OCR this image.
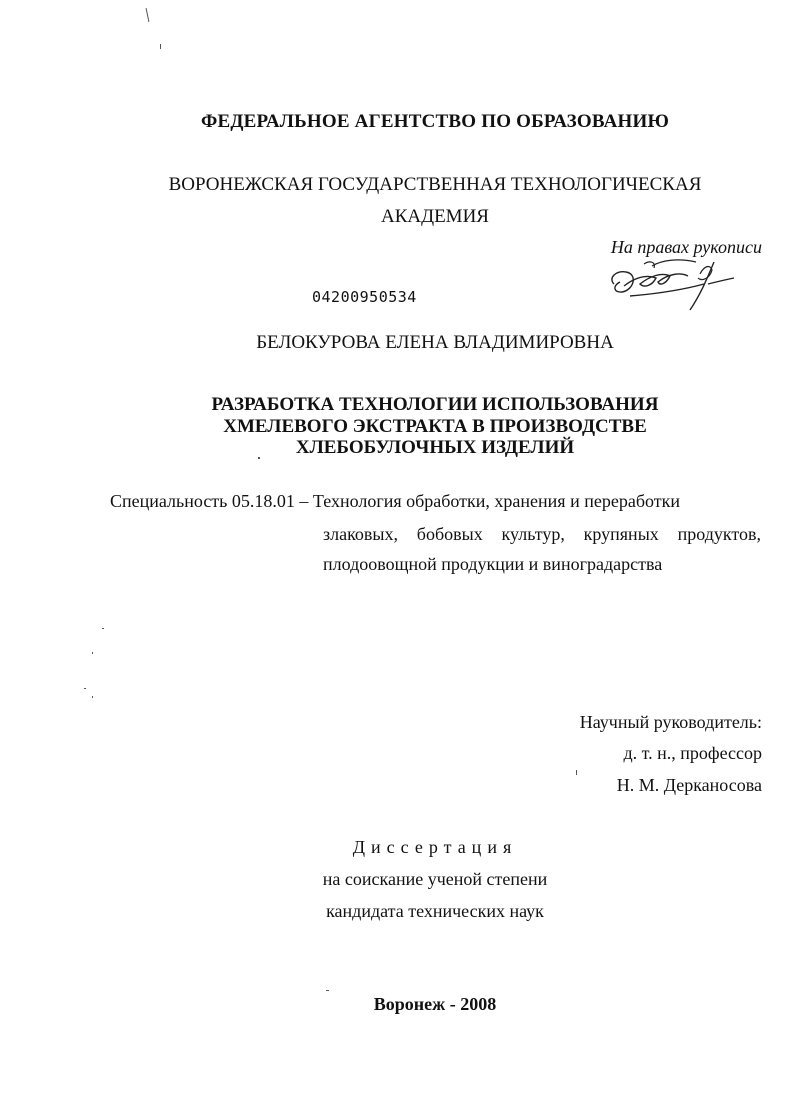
ФЕДЕРАЛЬНОЕ АГЕНТСТВО ПО ОБРАЗОВАНИЮ
ВОРОНЕЖСКАЯ ГОСУДАРСТВЕННАЯ ТЕХНОЛОГИЧЕСКАЯ
АКАДЕМИЯ
На правах рукописи
04200950534
БЕЛОКУРОВА ЕЛЕНА ВЛАДИМИРОВНА
РАЗРАБОТКА ТЕХНОЛОГИИ ИСПОЛЬЗОВАНИЯ
ХМЕЛЕВОГО ЭКСТРАКТА В ПРОИЗВОДСТВЕ
ХЛЕБОБУЛОЧНЫХ ИЗДЕЛИЙ
Специальность 05.18.01 – Технология обработки, хранения и переработки
злаковых, бобовых культур, крупяных продуктов,
плодоовощной продукции и виноградарства
Научный руководитель:
д. т. н., профессор
Н. М. Дерканосова
Диссертация
на соискание ученой степени
кандидата технических наук
Воронеж - 2008
